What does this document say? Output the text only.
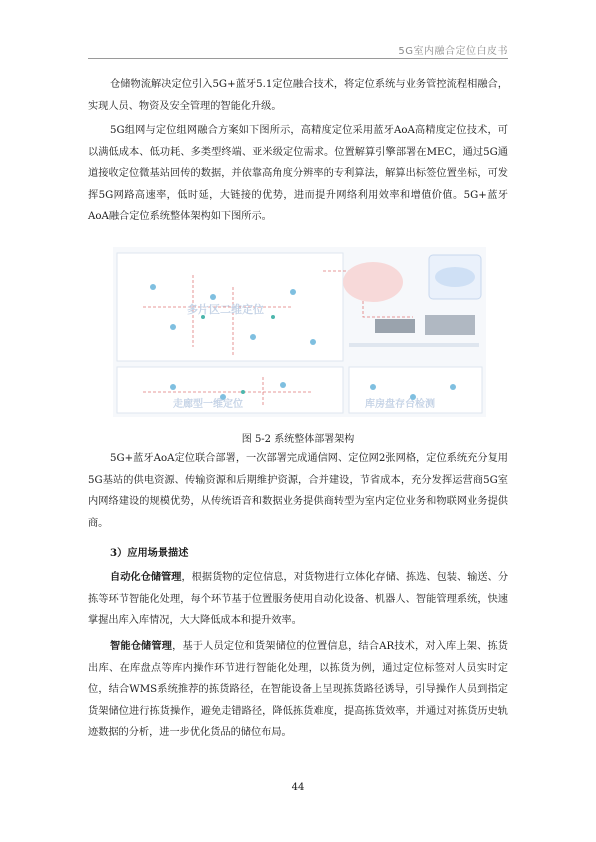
5G室内融合定位白皮书

仓储物流解决定位引入5G+蓝牙5.1定位融合技术，将定位系统与业务管控流程相融合，实现人员、物资及安全管理的智能化升级。

5G组网与定位组网融合方案如下图所示，高精度定位采用蓝牙AoA高精度定位技术，可以满低成本、低功耗、多类型终端、亚米级定位需求。位置解算引擎部署在MEC，通过5G通道接收定位微基站回传的数据，并依靠高角度分辨率的专利算法，解算出标签位置坐标，可发挥5G网路高速率，低时延，大链接的优势，进而提升网络利用效率和增值价值。5G+蓝牙AoA融合定位系统整体架构如下图所示。

多片区二维定位
走廊型一维定位	库房盘存台检测
图 5-2 系统整体部署架构

5G+蓝牙AoA定位联合部署，一次部署完成通信网、定位网2张网格，定位系统充分复用5G基站的供电资源、传输资源和后期维护资源，合并建设，节省成本，充分发挥运营商5G室内网络建设的规模优势，从传统语音和数据业务提供商转型为室内定位业务和物联网业务提供商。

3）应用场景描述

自动化仓储管理，根据货物的定位信息，对货物进行立体化存储、拣选、包装、输送、分拣等环节智能化处理，每个环节基于位置服务使用自动化设备、机器人、智能管理系统，快速掌握出库入库情况，大大降低成本和提升效率。

智能仓储管理，基于人员定位和货架储位的位置信息，结合AR技术，对入库上架、拣货出库、在库盘点等库内操作环节进行智能化处理，以拣货为例，通过定位标签对人员实时定位，结合WMS系统推荐的拣货路径，在智能设备上呈现拣货路径诱导，引导操作人员到指定货架储位进行拣货操作，避免走错路径，降低拣货难度，提高拣货效率，并通过对拣货历史轨迹数据的分析，进一步优化货品的储位布局。

44
